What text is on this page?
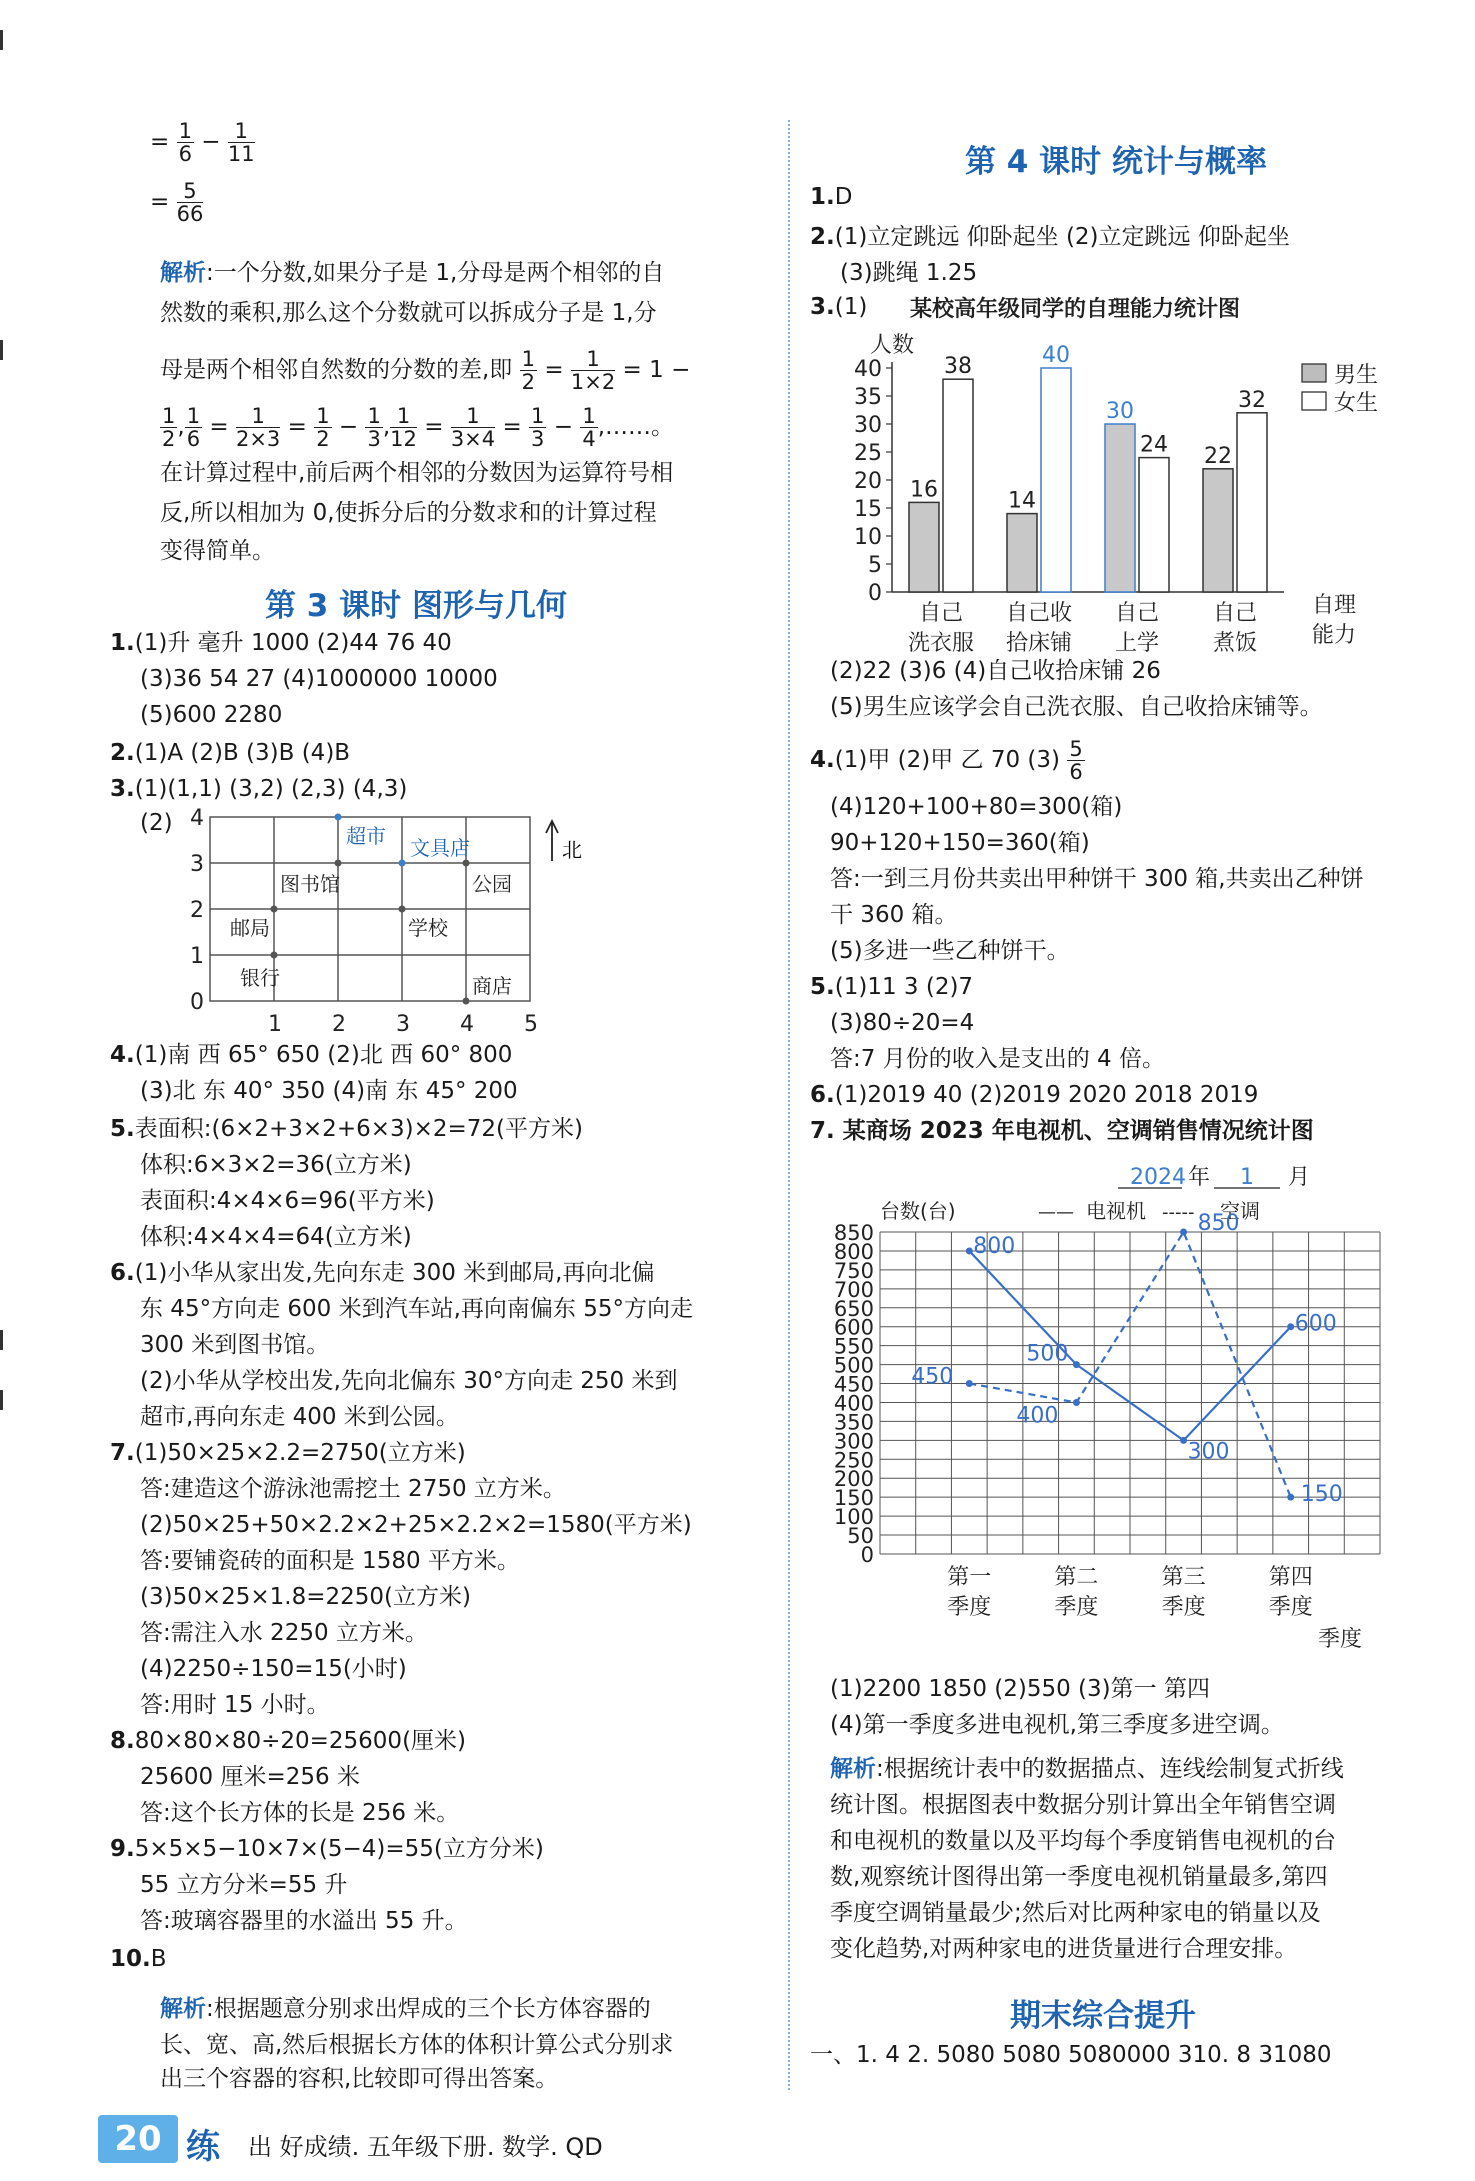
= $\frac{1}{6} - \frac{1}{11}$
= $\frac{5}{66}$
解析:一个分数,如果分子是 1,分母是两个相邻的自
然数的乘积,那么这个分数就可以拆成分子是 1,分
母是两个相邻自然数的分数的差,即 $\frac{1}{2} = \frac{1}{1\times 2} = 1$ −
$\frac{1}{2}$ , $\frac{1}{6} = \frac{1}{2\times 3} = \frac{1}{2} - \frac{1}{3}$ , $\frac{1}{12} = \frac{1}{3\times 4} = \frac{1}{3} - \frac{1}{4}$ ,……。
在计算过程中,前后两个相邻的分数因为运算符号相
反,所以相加为 0,使拆分后的分数求和的计算过程
变得简单。
第 3 课时 图形与几何
1.(1)升 毫升 1000 (2)44 76 40
(3)36 54 27 (4)1000000 10000
(5)600 2280
2.(1)A (2)B (3)B (4)B
3.(1)(1,1) (3,2) (2,3) (4,3)
(2)
0
1
2
3
4
1 2 3 4 5
北
超市 文具店
图书馆	公园
邮局	学校
银行	商店
4.(1)南 西 65° 650 (2)北 西 60° 800
(3)北 东 40° 350 (4)南 东 45° 200
5.表面积:(6×2+3×2+6×3)×2=72(平方米)
体积:6×3×2=36(立方米)
表面积:4×4×6=96(平方米)
体积:4×4×4=64(立方米)
6.(1)小华从家出发,先向东走 300 米到邮局,再向北偏
东 45°方向走 600 米到汽车站,再向南偏东 55°方向走
300 米到图书馆。
(2)小华从学校出发,先向北偏东 30°方向走 250 米到
超市,再向东走 400 米到公园。
7.(1)50×25×2.2=2750(立方米)
答:建造这个游泳池需挖土 2750 立方米。
(2)50×25+50×2.2×2+25×2.2×2=1580(平方米)
答:要铺瓷砖的面积是 1580 平方米。
(3)50×25×1.8=2250(立方米)
答:需注入水 2250 立方米。
(4)2250÷150=15(小时)
答:用时 15 小时。
8.80×80×80÷20=25600(厘米)
25600 厘米=256 米
答:这个长方体的长是 256 米。
9.5×5×5−10×7×(5−4)=55(立方分米)
55 立方分米=55 升
答:玻璃容器里的水溢出 55 升。
10.B
解析:根据题意分别求出焊成的三个长方体容器的
长、宽、高,然后根据长方体的体积计算公式分别求
出三个容器的容积,比较即可得出答案。
第 4 课时 统计与概率
1.D
2.(1)立定跳远 仰卧起坐 (2)立定跳远 仰卧起坐
(3)跳绳 1.25
3.(1) 某校高年级同学的自理能力统计图
人数
0
5
10
15
20
25
30
35
40
16
38
14
40
30
24 22
32
自己
洗衣服
自己收
拾床铺
自己
上学
自己
煮饭
自理
能力
男生
女生
(2)22 (3)6 (4)自己收拾床铺 26
(5)男生应该学会自己洗衣服、自己收拾床铺等。
4.(1)甲 (2)甲 乙 70 $(3) \frac{5}{6}$
(4)120+100+80=300(箱)
90+120+150=360(箱)
答:一到三月份共卖出甲种饼干 300 箱,共卖出乙种饼
干 360 箱。
(5)多进一些乙种饼干。
5.(1)11 3 (2)7
(3)80÷20=4
答:7 月份的收入是支出的 4 倍。
6.(1)2019 40 (2)2019 2020 2018 2019
7. 某商场 2023 年电视机、空调销售情况统计图
2024 年 1 月
台数(台)	—— 电视机 ----- 空调
0
50
100
150
200
250
300
350
400
450
500
550
600
650
700
750
800
850
800
500
300
600
450
400
850
150
第一
季度
第二
季度
第三
季度
第四
季度
季度
(1)2200 1850 (2)550 (3)第一 第四
(4)第一季度多进电视机,第三季度多进空调。
解析:根据统计表中的数据描点、连线绘制复式折线
统计图。根据图表中数据分别计算出全年销售空调
和电视机的数量以及平均每个季度销售电视机的台
数,观察统计图得出第一季度电视机销量最多,第四
季度空调销量最少;然后对比两种家电的销量以及
变化趋势,对两种家电的进货量进行合理安排。
期末综合提升
一、1. 4 2. 5080 5080 5080000 310. 8 31080
20 练 出 好成绩. 五年级下册. 数学. QD
